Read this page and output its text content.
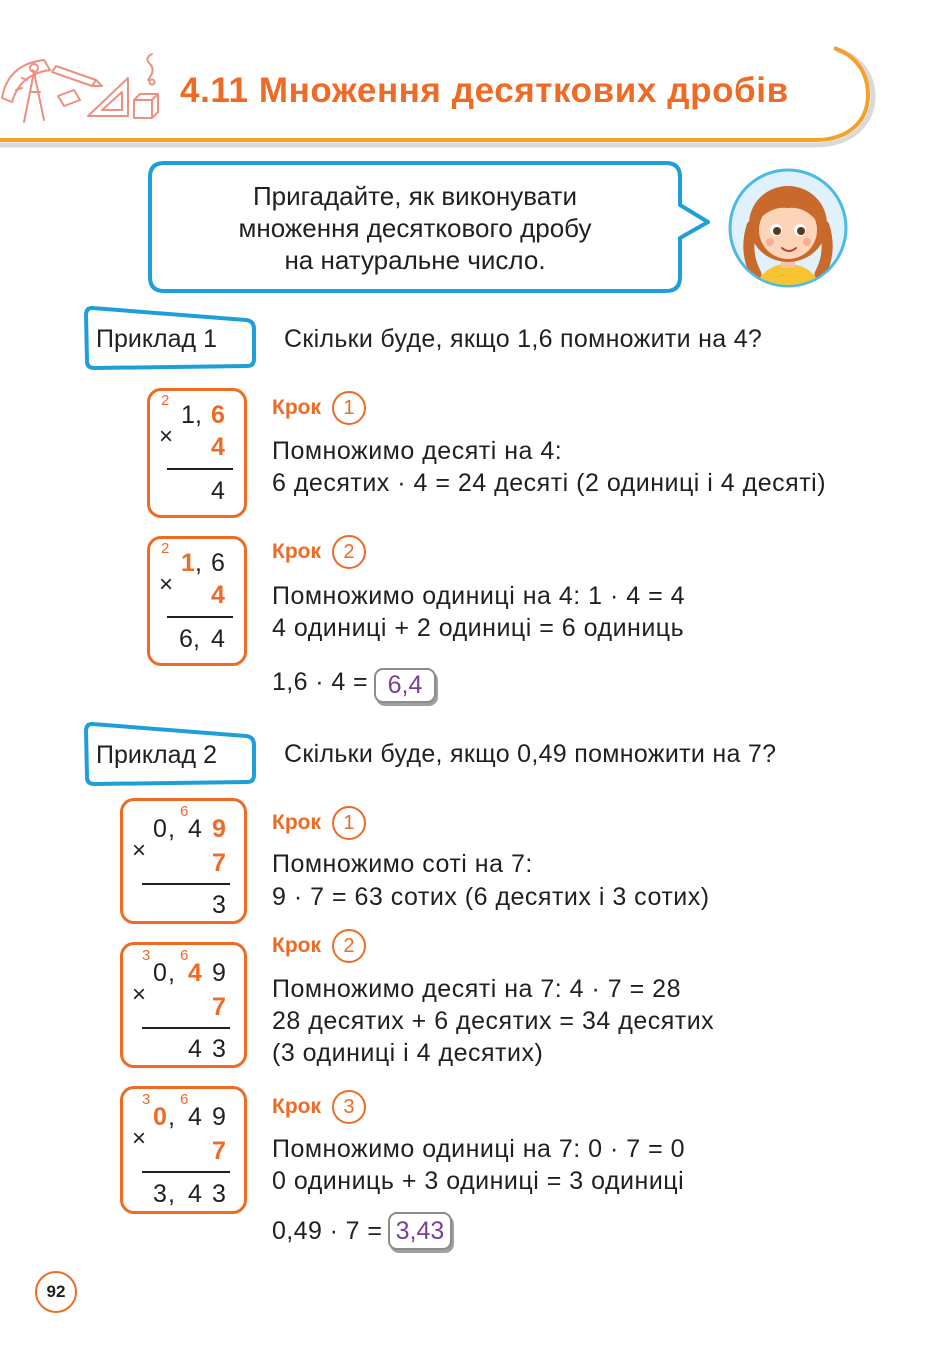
4.11 Множення десяткових дробів
Пригадайте, як виконувати
множення десяткового дробу
на натуральне число.
Приклад 1	Скільки буде, якщо 1,6 помножити на 4?
2
1 , 6
× 4
4
Крок	1
Помножимо десяті на 4:
6 десятих · 4 = 24 десяті (2 одиниці і 4 десяті)
2
1 , 6
× 4
6 , 4
Крок	2
Помножимо одиниці на 4: 1 · 4 = 4
4 одиниці + 2 одиниці = 6 одиниць
1,6 · 4 = 6,4
Приклад 2	Скільки буде, якщо 0,49 помножити на 7?
6
0 , 4 9
×	7
3
Крок	1
Помножимо соті на 7:
9 · 7 = 63 сотих (6 десятих і 3 сотих)
3 6
0 , 4 9
×	7
4 3
Крок	2
Помножимо десяті на 7: 4 · 7 = 28
28 десятих + 6 десятих = 34 десятих
(3 одиниці і 4 десятих)
3 6
0 , 4 9
×	7
3 , 4 3
Крок	3
Помножимо одиниці на 7: 0 · 7 = 0
0 одиниць + 3 одиниці = 3 одиниці
0,49 · 7 = 3,43
92
